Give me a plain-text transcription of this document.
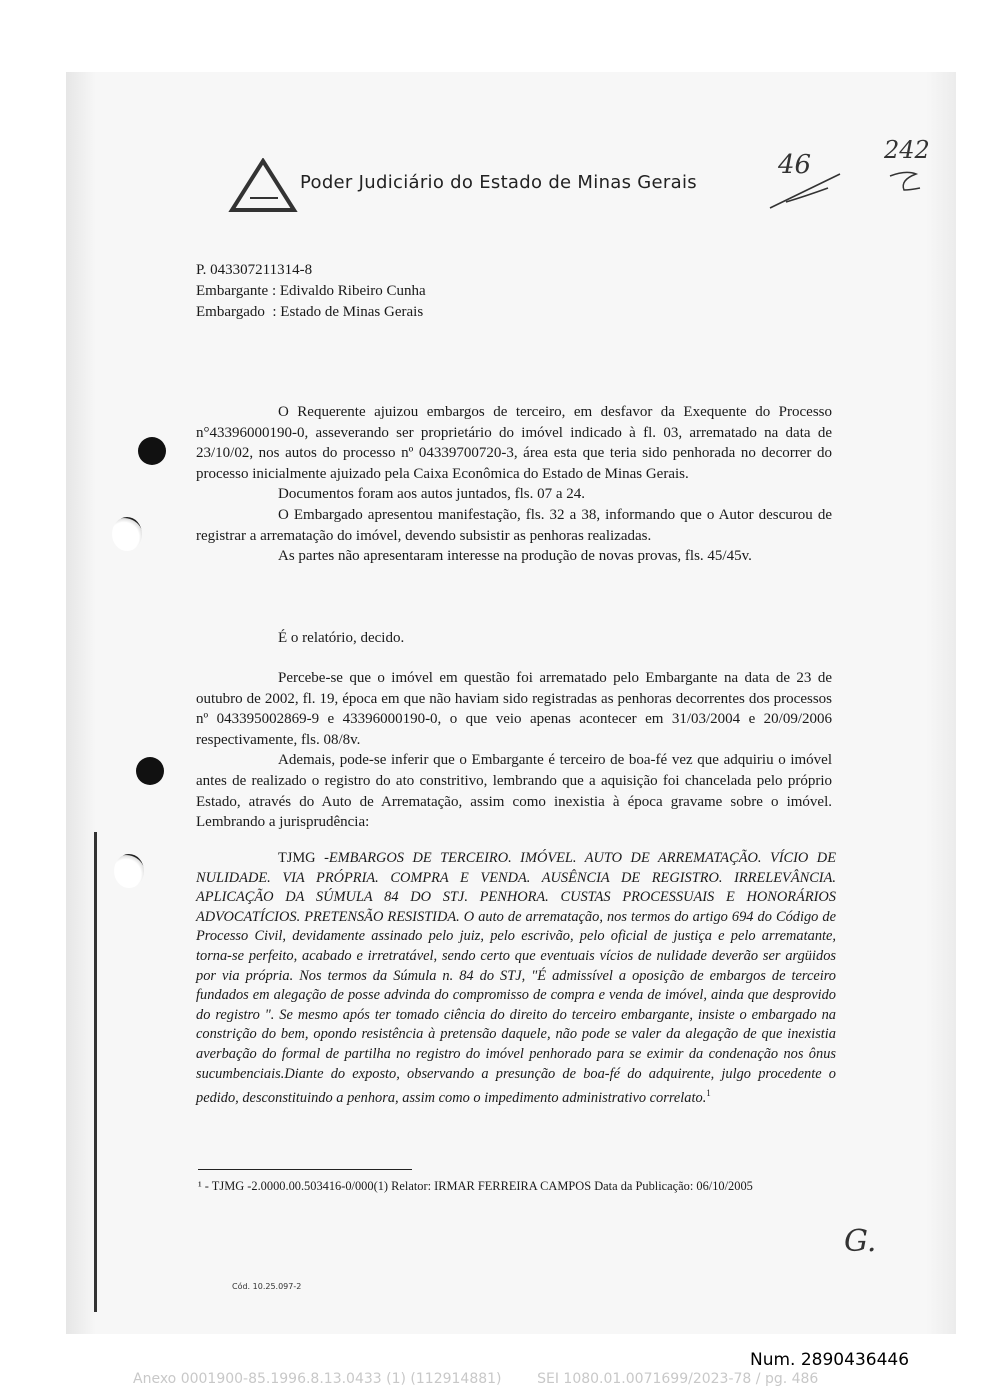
Poder Judiciário do Estado de Minas Gerais
46	242
P. 043307211314-8
Embargante : Edivaldo Ribeiro Cunha
Embargado  : Estado de Minas Gerais

O Requerente ajuizou embargos de terceiro, em desfavor da Exequente do Processo n°43396000190-0, asseverando ser proprietário do imóvel indicado à fl. 03, arrematado na data de 23/10/02, nos autos do processo nº 04339700720-3, área esta que teria sido penhorada no decorrer do processo inicialmente ajuizado pela Caixa Econômica do Estado de Minas Gerais.

Documentos foram aos autos juntados, fls. 07 a 24.

O Embargado apresentou manifestação, fls. 32 a 38, informando que o Autor descurou de registrar a arrematação do imóvel, devendo subsistir as penhoras realizadas.

As partes não apresentaram interesse na produção de novas provas, fls. 45/45v.

É o relatório, decido.

Percebe-se que o imóvel em questão foi arrematado pelo Embargante na data de 23 de outubro de 2002, fl. 19, época em que não haviam sido registradas as penhoras decorrentes dos processos nº 043395002869-9 e 43396000190-0, o que veio apenas acontecer em 31/03/2004 e 20/09/2006 respectivamente, fls. 08/8v.

Ademais, pode-se inferir que o Embargante é terceiro de boa-fé vez que adquiriu o imóvel antes de realizado o registro do ato constritivo, lembrando que a aquisição foi chancelada pelo próprio Estado, através do Auto de Arrematação, assim como inexistia à época gravame sobre o imóvel. Lembrando a jurisprudência:

TJMG -EMBARGOS DE TERCEIRO. IMÓVEL. AUTO DE ARREMATAÇÃO. VÍCIO DE NULIDADE. VIA PRÓPRIA. COMPRA E VENDA. AUSÊNCIA DE REGISTRO. IRRELEVÂNCIA. APLICAÇÃO DA SÚMULA 84 DO STJ. PENHORA. CUSTAS PROCESSUAIS E HONORÁRIOS ADVOCATÍCIOS. PRETENSÃO RESISTIDA. O auto de arrematação, nos termos do artigo 694 do Código de Processo Civil, devidamente assinado pelo juiz, pelo escrivão, pelo oficial de justiça e pelo arrematante, torna-se perfeito, acabado e irretratável, sendo certo que eventuais vícios de nulidade deverão ser argüidos por via própria. Nos termos da Súmula n. 84 do STJ, "É admissível a oposição de embargos de terceiro fundados em alegação de posse advinda do compromisso de compra e venda de imóvel, ainda que desprovido do registro ". Se mesmo após ter tomado ciência do direito do terceiro embargante, insiste o embargado na constrição do bem, opondo resistência à pretensão daquele, não pode se valer da alegação de que inexistia averbação do formal de partilha no registro do imóvel penhorado para se eximir da condenação nos ônus sucumbenciais.Diante do exposto, observando a presunção de boa-fé do adquirente, julgo procedente o pedido, desconstituindo a penhora, assim como o impedimento administrativo correlato.$^1$
¹ - TJMG -2.0000.00.503416-0/000(1) Relator: IRMAR FERREIRA CAMPOS Data da Publicação: 06/10/2005
G.
Cód. 10.25.097-2
Num. 2890436446
Anexo 0001900-85.1996.8.13.0433 (1) (112914881)        SEI 1080.01.0071699/2023-78 / pg. 486
